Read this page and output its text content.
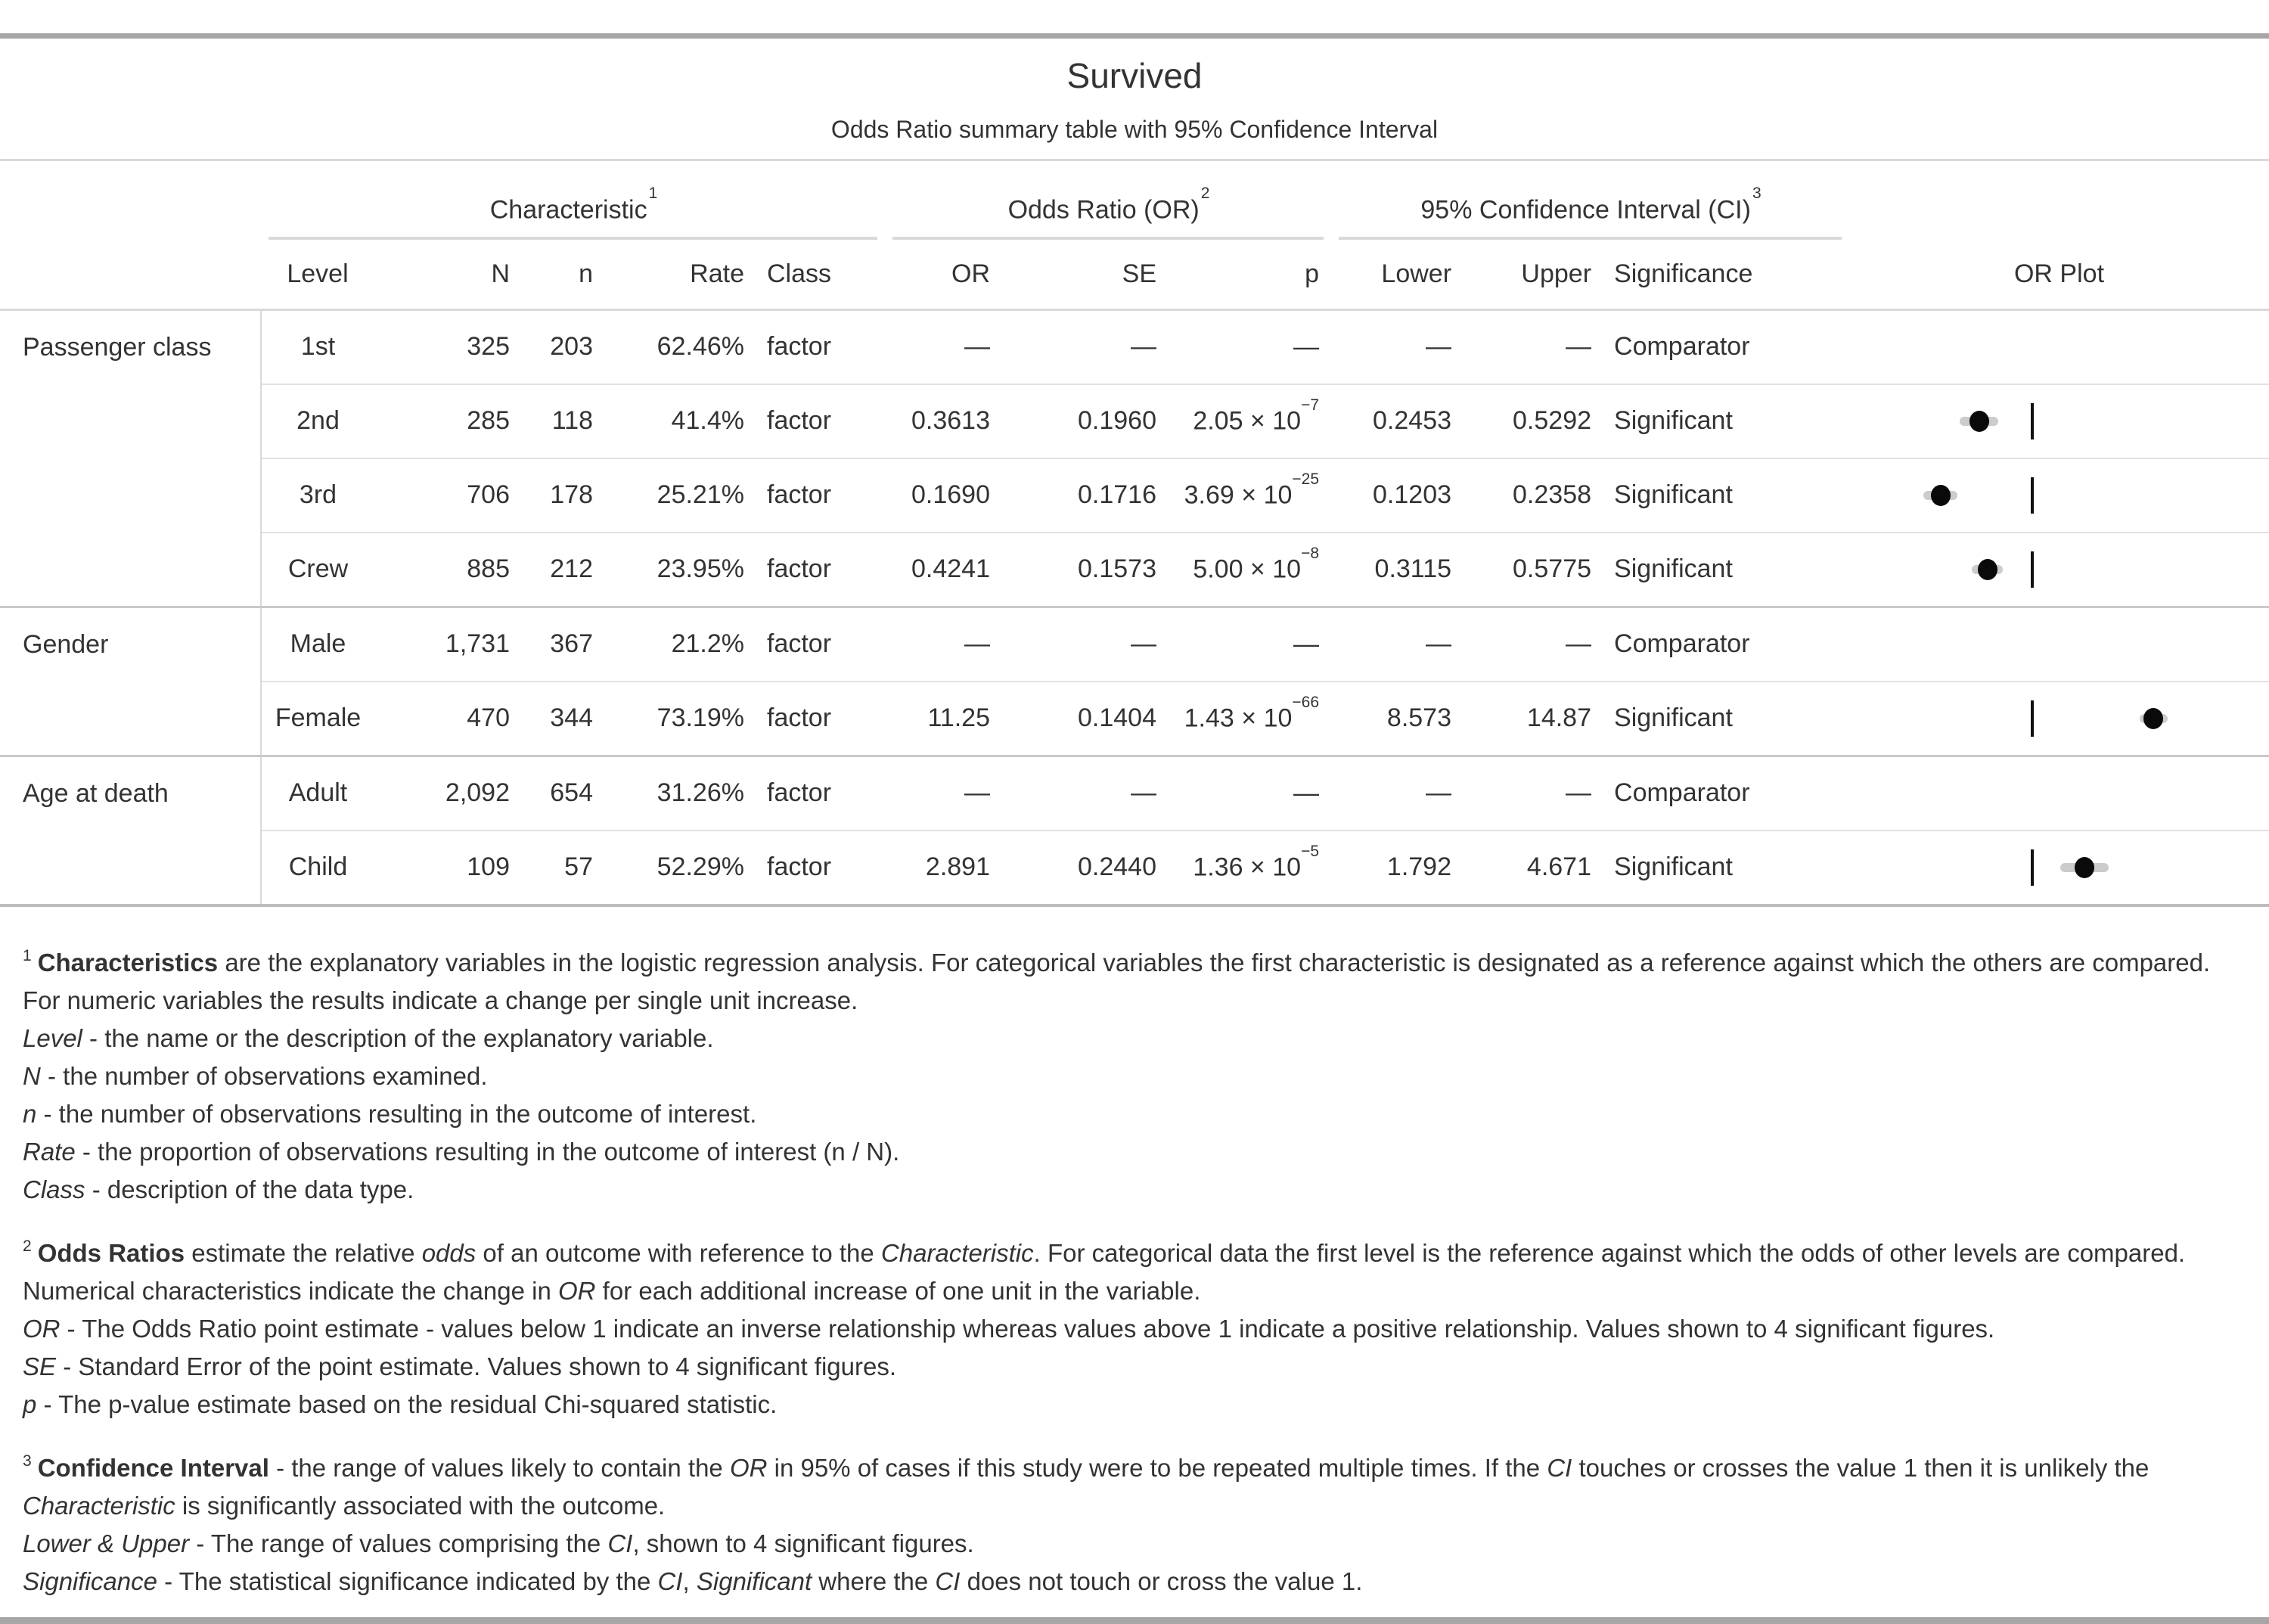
Survived
Odds Ratio summary table with 95% Confidence Interval

	Characteristic$^1$					Odds Ratio (OR)$^2$			95% Confidence Interval (CI)$^3$

	Level	N	n	Rate	Class	OR	SE	p	Lower	Upper	Significance	OR Plot
Passenger class	1st	325	203	62.46%	factor	—	—	—	—	—	Comparator	

	2nd	285	118	41.4%	factor	0.3613	0.1960	$2.05 \times 10^{-7}$	0.2453	0.5292	Significant	

	3rd	706	178	25.21%	factor	0.1690	0.1716	$3.69 \times 10^{-25}$	0.1203	0.2358	Significant	

	Crew	885	212	23.95%	factor	0.4241	0.1573	$5.00 \times 10^{-8}$	0.3115	0.5775	Significant	

Gender	Male	1,731	367	21.2%	factor	—	—	—	—	—	Comparator	

	Female	470	344	73.19%	factor	11.25	0.1404	$1.43 \times 10^{-66}$	8.573	14.87	Significant	

Age at death	Adult	2,092	654	31.26%	factor	—	—	—	—	—	Comparator	

	Child	109	57	52.29%	factor	2.891	0.2440	$1.36 \times 10^{-5}$	1.792	4.671	Significant	
$^1$ Characteristics are the explanatory variables in the logistic regression analysis. For categorical variables the first characteristic is designated as a reference against which the others are compared. For numeric variables the results indicate a change per single unit increase.
Level - the name or the description of the explanatory variable.
N - the number of observations examined.
n - the number of observations resulting in the outcome of interest.
Rate - the proportion of observations resulting in the outcome of interest (n / N).
Class - description of the data type.
$^2$ Odds Ratios estimate the relative odds of an outcome with reference to the Characteristic. For categorical data the first level is the reference against which the odds of other levels are compared. Numerical characteristics indicate the change in OR for each additional increase of one unit in the variable.
OR - The Odds Ratio point estimate - values below 1 indicate an inverse relationship whereas values above 1 indicate a positive relationship. Values shown to 4 significant figures.
SE - Standard Error of the point estimate. Values shown to 4 significant figures.
p - The p-value estimate based on the residual Chi-squared statistic.
$^3$ Confidence Interval - the range of values likely to contain the OR in 95% of cases if this study were to be repeated multiple times. If the CI touches or crosses the value 1 then it is unlikely the Characteristic is significantly associated with the outcome.
Lower & Upper - The range of values comprising the CI, shown to 4 significant figures.
Significance - The statistical significance indicated by the CI, Significant where the CI does not touch or cross the value 1.
